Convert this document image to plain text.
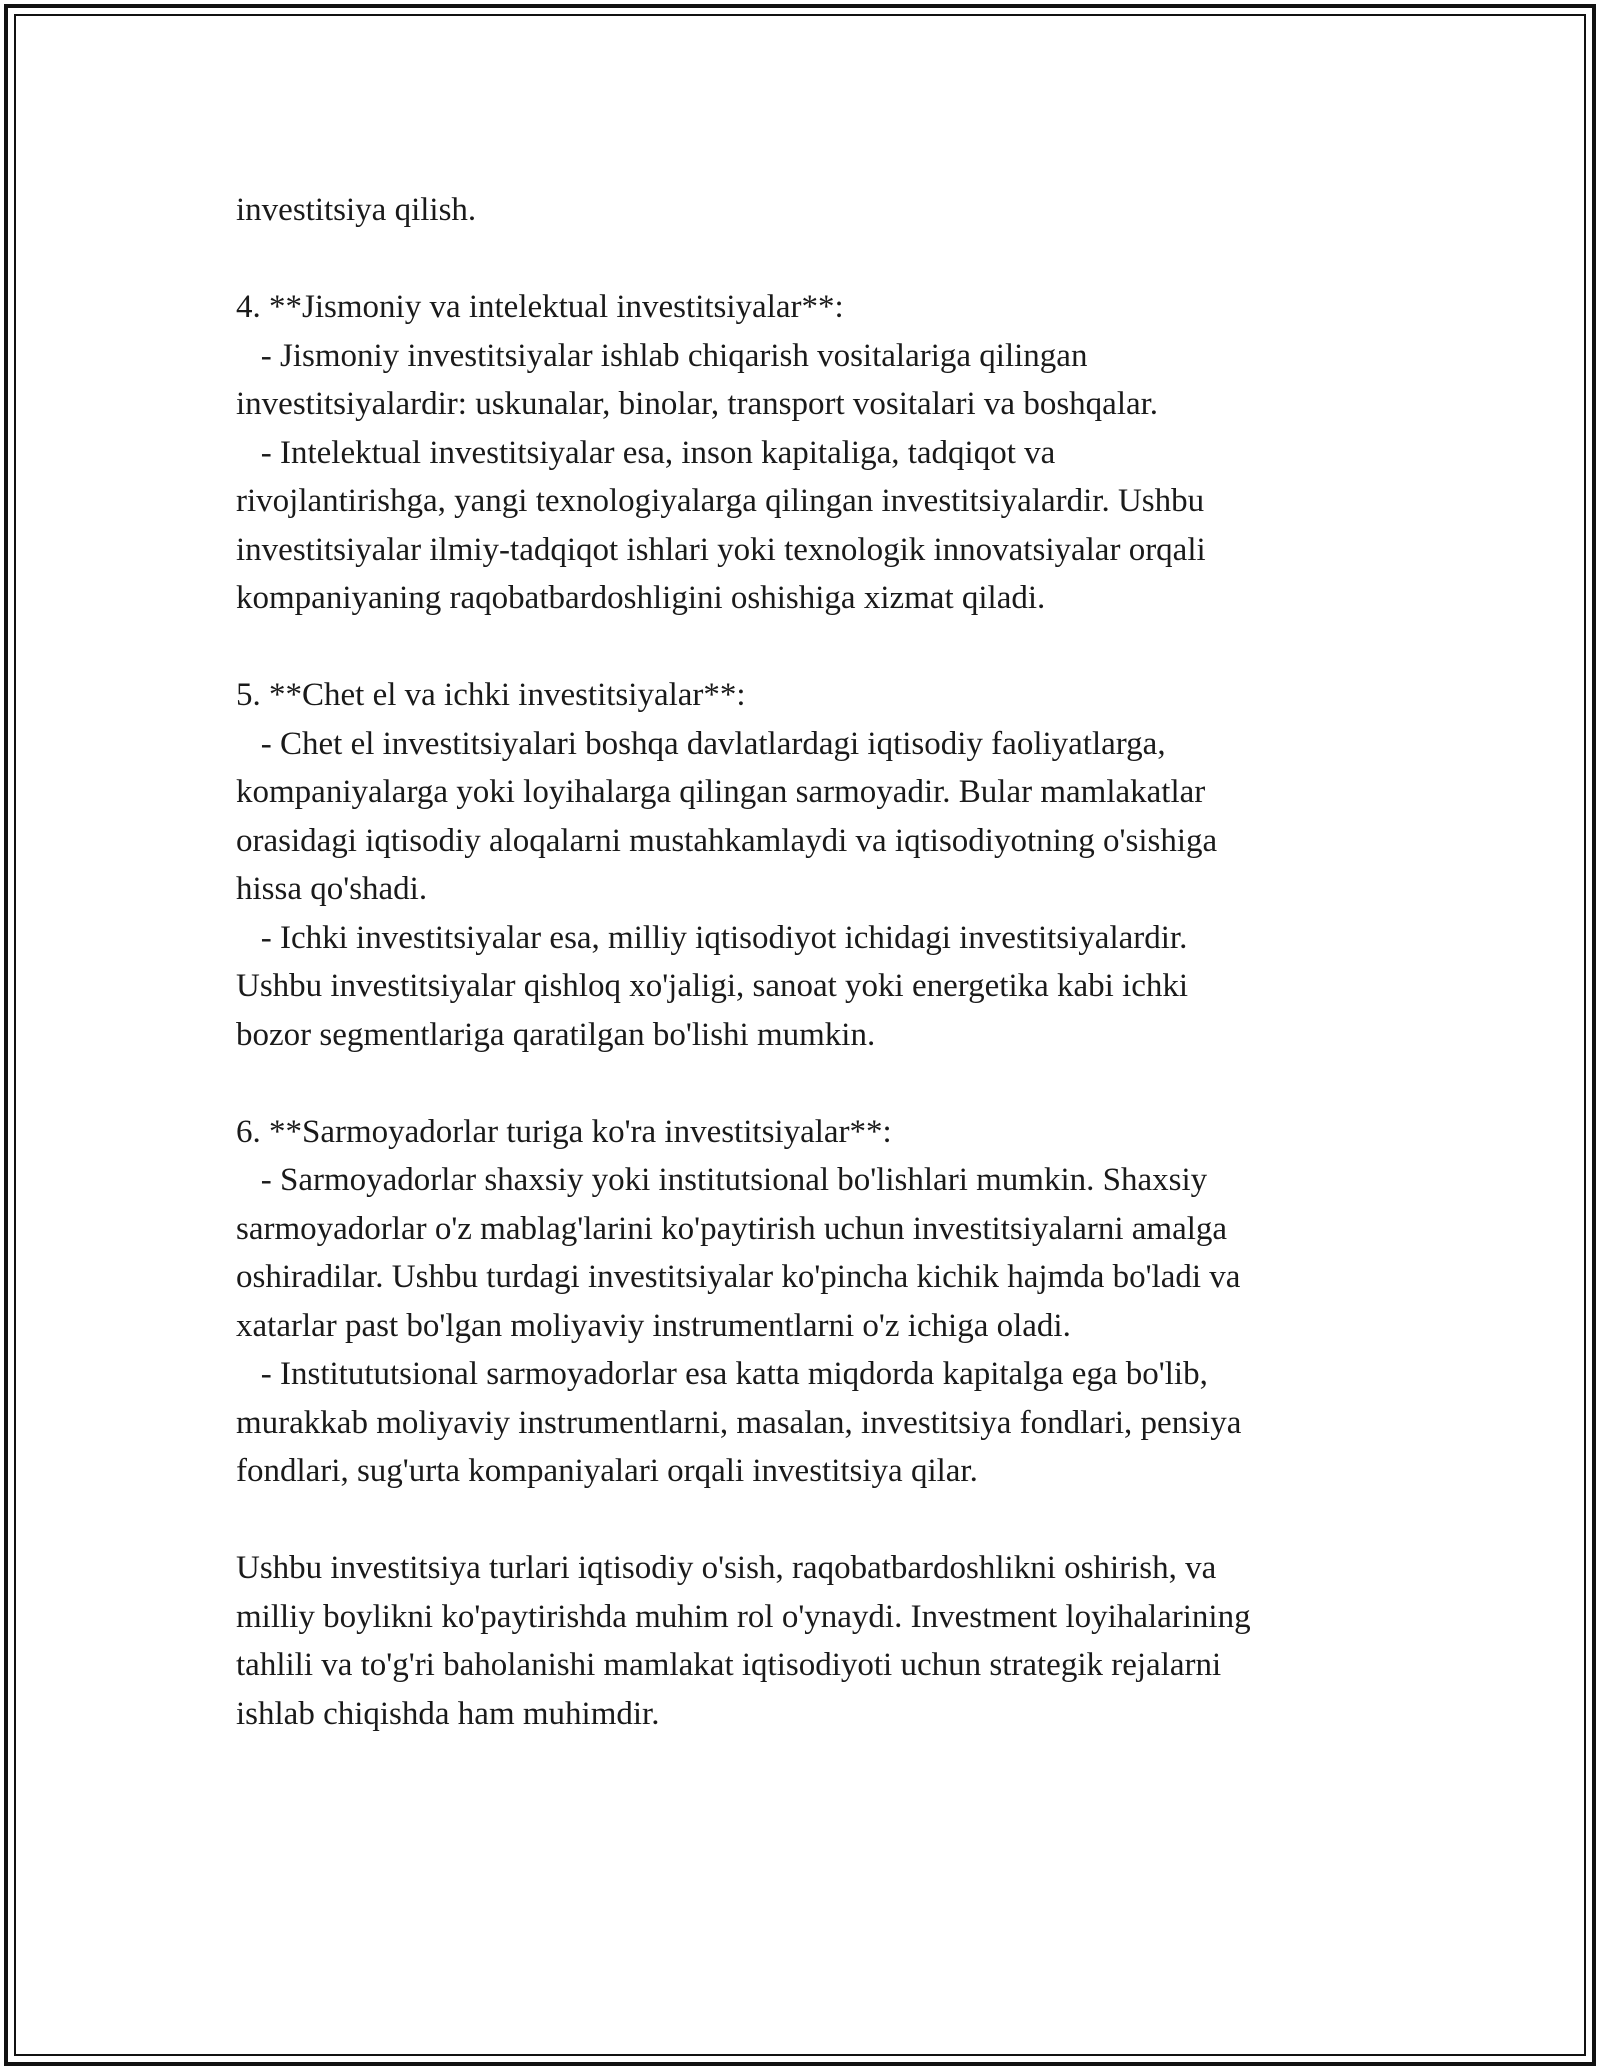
investitsiya qilish.
4. **Jismoniy va intelektual investitsiyalar**:
- Jismoniy investitsiyalar ishlab chiqarish vositalariga qilingan
investitsiyalardir: uskunalar, binolar, transport vositalari va boshqalar.
- Intelektual investitsiyalar esa, inson kapitaliga, tadqiqot va
rivojlantirishga, yangi texnologiyalarga qilingan investitsiyalardir. Ushbu
investitsiyalar ilmiy-tadqiqot ishlari yoki texnologik innovatsiyalar orqali
kompaniyaning raqobatbardoshligini oshishiga xizmat qiladi.
5. **Chet el va ichki investitsiyalar**:
- Chet el investitsiyalari boshqa davlatlardagi iqtisodiy faoliyatlarga,
kompaniyalarga yoki loyihalarga qilingan sarmoyadir. Bular mamlakatlar
orasidagi iqtisodiy aloqalarni mustahkamlaydi va iqtisodiyotning o'sishiga
hissa qo'shadi.
- Ichki investitsiyalar esa, milliy iqtisodiyot ichidagi investitsiyalardir.
Ushbu investitsiyalar qishloq xo'jaligi, sanoat yoki energetika kabi ichki
bozor segmentlariga qaratilgan bo'lishi mumkin.
6. **Sarmoyadorlar turiga ko'ra investitsiyalar**:
- Sarmoyadorlar shaxsiy yoki institutsional bo'lishlari mumkin. Shaxsiy
sarmoyadorlar o'z mablag'larini ko'paytirish uchun investitsiyalarni amalga
oshiradilar. Ushbu turdagi investitsiyalar ko'pincha kichik hajmda bo'ladi va
xatarlar past bo'lgan moliyaviy instrumentlarni o'z ichiga oladi.
- Institututsional sarmoyadorlar esa katta miqdorda kapitalga ega bo'lib,
murakkab moliyaviy instrumentlarni, masalan, investitsiya fondlari, pensiya
fondlari, sug'urta kompaniyalari orqali investitsiya qilar.
Ushbu investitsiya turlari iqtisodiy o'sish, raqobatbardoshlikni oshirish, va
milliy boylikni ko'paytirishda muhim rol o'ynaydi. Investment loyihalarining
tahlili va to'g'ri baholanishi mamlakat iqtisodiyoti uchun strategik rejalarni
ishlab chiqishda ham muhimdir.
